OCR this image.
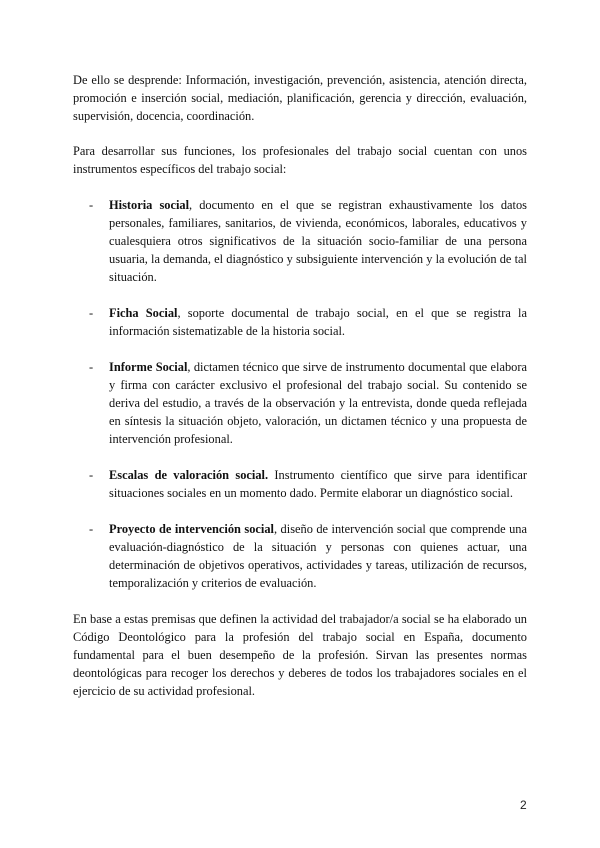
De ello se desprende: Información, investigación, prevención, asistencia, atención directa, promoción e inserción social, mediación, planificación, gerencia y dirección, evaluación, supervisión, docencia, coordinación.

Para desarrollar sus funciones, los profesionales del trabajo social cuentan con unos instrumentos específicos del trabajo social:

- Historia social, documento en el que se registran exhaustivamente los datos personales, familiares, sanitarios, de vivienda, económicos, laborales, educativos y cualesquiera otros significativos de la situación socio-familiar de una persona usuaria, la demanda, el diagnóstico y subsiguiente intervención y la evolución de tal situación.
- Ficha Social, soporte documental de trabajo social, en el que se registra la información sistematizable de la historia social.
- Informe Social, dictamen técnico que sirve de instrumento documental que elabora y firma con carácter exclusivo el profesional del trabajo social. Su contenido se deriva del estudio, a través de la observación y la entrevista, donde queda reflejada en síntesis la situación objeto, valoración, un dictamen técnico y una propuesta de intervención profesional.
- Escalas de valoración social. Instrumento científico que sirve para identificar situaciones sociales en un momento dado. Permite elaborar un diagnóstico social.
- Proyecto de intervención social, diseño de intervención social que comprende una evaluación-diagnóstico de la situación y personas con quienes actuar, una determinación de objetivos operativos, actividades y tareas, utilización de recursos, temporalización y criterios de evaluación.

En base a estas premisas que definen la actividad del trabajador/a social se ha elaborado un Código Deontológico para la profesión del trabajo social en España, documento fundamental para el buen desempeño de la profesión. Sirvan las presentes normas deontológicas para recoger los derechos y deberes de todos los trabajadores sociales en el ejercicio de su actividad profesional.

2
